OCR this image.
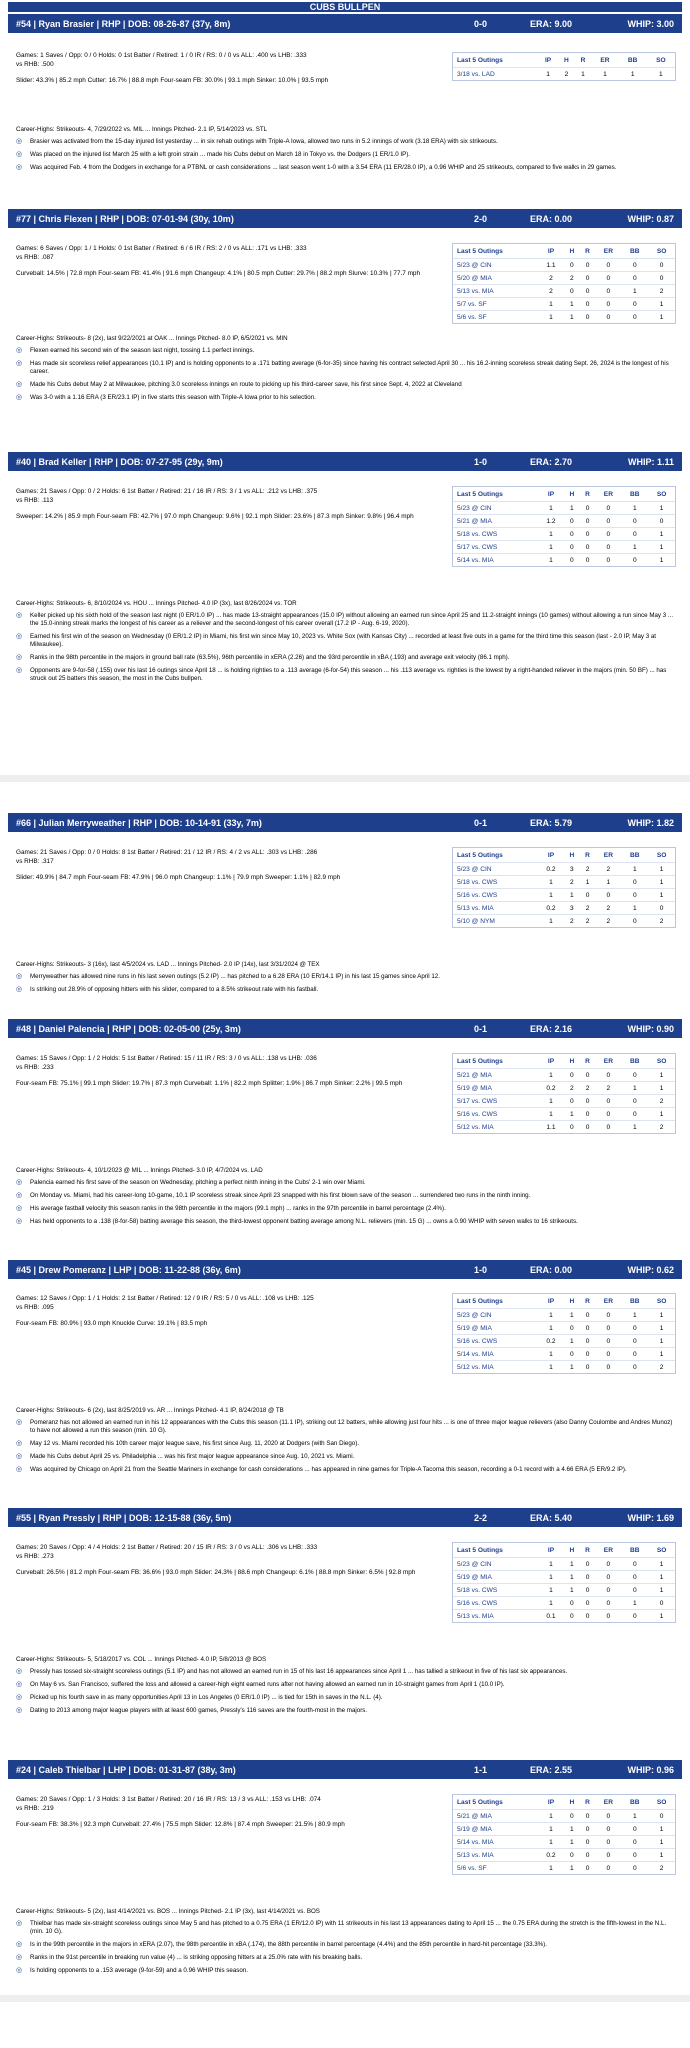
CUBS BULLPEN
#54 | Ryan Brasier | RHP | DOB: 08-26-87 (37y, 8m)	0-0	ERA: 9.00	WHIP: 3.00
Games: 1 Saves / Opp: 0 / 0 Holds: 0 1st Batter / Retired: 1 / 0 IR / RS: 0 / 0 vs ALL: .400 vs LHB: .333
vs RHB: .500
Slider: 43.3% | 85.2 mph Cutter: 16.7% | 88.8 mph Four-seam FB: 30.0% | 93.1 mph Sinker: 10.0% | 93.5 mph
Last 5 Outings	IP	H	R	ER	BB	SO
3/18 vs. LAD	1	2	1	1	1	1
Career-Highs: Strikeouts- 4, 7/29/2022 vs. MIL ... Innings Pitched- 2.1 IP, 5/14/2023 vs. STL
◎	Brasier was activated from the 15-day injured list yesterday ... in six rehab outings with Triple-A Iowa, allowed two runs in 5.2 innings of work (3.18 ERA) with six strikeouts.
◎	Was placed on the injured list March 25 with a left groin strain ... made his Cubs debut on March 18 in Tokyo vs. the Dodgers (1 ER/1.0 IP).
◎	Was acquired Feb. 4 from the Dodgers in exchange for a PTBNL or cash considerations ... last season went 1-0 with a 3.54 ERA (11 ER/28.0 IP), a 0.96 WHIP and 25 strikeouts, compared to five walks in 29 games.
#77 | Chris Flexen | RHP | DOB: 07-01-94 (30y, 10m)	2-0	ERA: 0.00	WHIP: 0.87
Games: 6 Saves / Opp: 1 / 1 Holds: 0 1st Batter / Retired: 6 / 6 IR / RS: 2 / 0 vs ALL: .171 vs LHB: .333
vs RHB: .087
Curveball: 14.5% | 72.8 mph Four-seam FB: 41.4% | 91.6 mph Changeup: 4.1% | 80.5 mph Cutter: 29.7% | 88.2 mph Slurve: 10.3% | 77.7 mph
Last 5 Outings	IP	H	R	ER	BB	SO
5/23 @ CIN	1.1	0	0	0	0	0
5/20 @ MIA	2	2	0	0	0	0
5/13 vs. MIA	2	0	0	0	1	2
5/7 vs. SF	1	1	0	0	0	1
5/6 vs. SF	1	1	0	0	0	1
Career-Highs: Strikeouts- 8 (2x), last 9/22/2021 at OAK ... Innings Pitched- 8.0 IP, 6/5/2021 vs. MIN
◎	Flexen earned his second win of the season last night, tossing 1.1 perfect innings.
◎	Has made six scoreless relief appearances (10.1 IP) and is holding opponents to a .171 batting average (6-for-35) since having his contract selected April 30 ... his 16.2-inning scoreless streak dating Sept. 26, 2024 is the longest of his career.
◎	Made his Cubs debut May 2 at Milwaukee, pitching 3.0 scoreless innings en route to picking up his third-career save, his first since Sept. 4, 2022 at Cleveland
◎	Was 3-0 with a 1.16 ERA (3 ER/23.1 IP) in five starts this season with Triple-A Iowa prior to his selection.
#40 | Brad Keller | RHP | DOB: 07-27-95 (29y, 9m)	1-0	ERA: 2.70	WHIP: 1.11
Games: 21 Saves / Opp: 0 / 2 Holds: 6 1st Batter / Retired: 21 / 16 IR / RS: 3 / 1 vs ALL: .212 vs LHB: .375
vs RHB: .113
Sweeper: 14.2% | 85.9 mph Four-seam FB: 42.7% | 97.0 mph Changeup: 9.6% | 92.1 mph Slider: 23.6% | 87.3 mph Sinker: 9.8% | 96.4 mph
Last 5 Outings	IP	H	R	ER	BB	SO
5/23 @ CIN	1	1	0	0	1	1
5/21 @ MIA	1.2	0	0	0	0	0
5/18 vs. CWS	1	0	0	0	0	1
5/17 vs. CWS	1	0	0	0	1	1
5/14 vs. MIA	1	0	0	0	0	1
Career-Highs: Strikeouts- 6, 8/10/2024 vs. HOU ... Innings Pitched- 4.0 IP (3x), last 8/26/2024 vs. TOR
◎	Keller picked up his sixth hold of the season last night (0 ER/1.0 IP) ... has made 13-straight appearances (15.0 IP) without allowing an earned run since April 25 and 11.2-straight innings (10 games) without allowing a run since May 3 ... the 15.0-inning streak marks the longest of his career as a reliever and the second-longest of his career overall (17.2 IP - Aug. 6-19, 2020).
◎	Earned his first win of the season on Wednesday (0 ER/1.2 IP) in Miami, his first win since May 10, 2023 vs. White Sox (with Kansas City) ... recorded at least five outs in a game for the third time this season (last - 2.0 IP, May 3 at Milwaukee).
◎	Ranks in the 98th percentile in the majors in ground ball rate (63.5%), 96th percentile in xERA (2.26) and the 93rd percentile in xBA (.193) and average exit velocity (86.1 mph).
◎	Opponents are 9-for-58 (.155) over his last 16 outings since April 18 ... is holding righties to a .113 average (6-for-54) this season ... his .113 average vs. righties is the lowest by a right-handed reliever in the majors (min. 50 BF) ... has struck out 25 batters this season, the most in the Cubs bullpen.
#66 | Julian Merryweather | RHP | DOB: 10-14-91 (33y, 7m)	0-1	ERA: 5.79	WHIP: 1.82
Games: 21 Saves / Opp: 0 / 0 Holds: 8 1st Batter / Retired: 21 / 12 IR / RS: 4 / 2 vs ALL: .303 vs LHB: .286
vs RHB: .317
Slider: 49.9% | 84.7 mph Four-seam FB: 47.9% | 96.0 mph Changeup: 1.1% | 79.9 mph Sweeper: 1.1% | 82.9 mph
Last 5 Outings	IP	H	R	ER	BB	SO
5/23 @ CIN	0.2	3	2	2	1	1
5/18 vs. CWS	1	2	1	1	0	1
5/16 vs. CWS	1	1	0	0	0	1
5/13 vs. MIA	0.2	3	2	2	1	0
5/10 @ NYM	1	2	2	2	0	2
Career-Highs: Strikeouts- 3 (16x), last 4/5/2024 vs. LAD ... Innings Pitched- 2.0 IP (14x), last 3/31/2024 @ TEX
◎	Merryweather has allowed nine runs in his last seven outings (5.2 IP) ... has pitched to a 6.28 ERA (10 ER/14.1 IP) in his last 15 games since April 12.
◎	Is striking out 28.9% of opposing hitters with his slider, compared to a 8.5% strikeout rate with his fastball.
#48 | Daniel Palencia | RHP | DOB: 02-05-00 (25y, 3m)	0-1	ERA: 2.16	WHIP: 0.90
Games: 15 Saves / Opp: 1 / 2 Holds: 5 1st Batter / Retired: 15 / 11 IR / RS: 3 / 0 vs ALL: .138 vs LHB: .036
vs RHB: .233
Four-seam FB: 75.1% | 99.1 mph Slider: 19.7% | 87.3 mph Curveball: 1.1% | 82.2 mph Splitter: 1.9% | 86.7 mph Sinker: 2.2% | 99.5 mph
Last 5 Outings	IP	H	R	ER	BB	SO
5/21 @ MIA	1	0	0	0	0	1
5/19 @ MIA	0.2	2	2	2	1	1
5/17 vs. CWS	1	0	0	0	0	2
5/16 vs. CWS	1	1	0	0	0	1
5/12 vs. MIA	1.1	0	0	0	1	2
Career-Highs: Strikeouts- 4, 10/1/2023 @ MIL ... Innings Pitched- 3.0 IP, 4/7/2024 vs. LAD
◎	Palencia earned his first save of the season on Wednesday, pitching a perfect ninth inning in the Cubs' 2-1 win over Miami.
◎	On Monday vs. Miami, had his career-long 10-game, 10.1 IP scoreless streak since April 23 snapped with his first blown save of the season ... surrendered two runs in the ninth inning.
◎	His average fastball velocity this season ranks in the 98th percentile in the majors (99.1 mph) ... ranks in the 97th percentile in barrel percentage (2.4%).
◎	Has held opponents to a .138 (8-for-58) batting average this season, the third-lowest opponent batting average among N.L. relievers (min. 15 G) ... owns a 0.90 WHIP with seven walks to 16 strikeouts.
#45 | Drew Pomeranz | LHP | DOB: 11-22-88 (36y, 6m)	1-0	ERA: 0.00	WHIP: 0.62
Games: 12 Saves / Opp: 1 / 1 Holds: 2 1st Batter / Retired: 12 / 9 IR / RS: 5 / 0 vs ALL: .108 vs LHB: .125
vs RHB: .095
Four-seam FB: 80.9% | 93.0 mph Knuckle Curve: 19.1% | 83.5 mph
Last 5 Outings	IP	H	R	ER	BB	SO
5/23 @ CIN	1	1	0	0	1	1
5/19 @ MIA	1	0	0	0	0	1
5/16 vs. CWS	0.2	1	0	0	0	1
5/14 vs. MIA	1	0	0	0	0	1
5/12 vs. MIA	1	1	0	0	0	2
Career-Highs: Strikeouts- 6 (2x), last 8/25/2019 vs. AR ... Innings Pitched- 4.1 IP, 8/24/2018 @ TB
◎	Pomeranz has not allowed an earned run in his 12 appearances with the Cubs this season (11.1 IP), striking out 12 batters, while allowing just four hits ... is one of three major league relievers (also Danny Coulombe and Andres Munoz) to have not allowed a run this season (min. 10 G).
◎	May 12 vs. Miami recorded his 10th career major league save, his first since Aug. 11, 2020 at Dodgers (with San Diego).
◎	Made his Cubs debut April 25 vs. Philadelphia ... was his first major league appearance since Aug. 10, 2021 vs. Miami.
◎	Was acquired by Chicago on April 21 from the Seattle Mariners in exchange for cash considerations ... has appeared in nine games for Triple-A Tacoma this season, recording a 0-1 record with a 4.66 ERA (5 ER/9.2 IP).
#55 | Ryan Pressly | RHP | DOB: 12-15-88 (36y, 5m)	2-2	ERA: 5.40	WHIP: 1.69
Games: 20 Saves / Opp: 4 / 4 Holds: 2 1st Batter / Retired: 20 / 15 IR / RS: 3 / 0 vs ALL: .306 vs LHB: .333
vs RHB: .273
Curveball: 26.5% | 81.2 mph Four-seam FB: 36.6% | 93.0 mph Slider: 24.3% | 88.6 mph Changeup: 6.1% | 88.8 mph Sinker: 6.5% | 92.8 mph
Last 5 Outings	IP	H	R	ER	BB	SO
5/23 @ CIN	1	1	0	0	0	1
5/19 @ MIA	1	1	0	0	0	1
5/18 vs. CWS	1	1	0	0	0	1
5/16 vs. CWS	1	0	0	0	1	0
5/13 vs. MIA	0.1	0	0	0	0	1
Career-Highs: Strikeouts- 5, 5/18/2017 vs. COL ... Innings Pitched- 4.0 IP, 5/8/2013 @ BOS
◎	Pressly has tossed six-straight scoreless outings (5.1 IP) and has not allowed an earned run in 15 of his last 16 appearances since April 1 ... has tallied a strikeout in five of his last six appearances.
◎	On May 6 vs. San Francisco, suffered the loss and allowed a career-high eight earned runs after not having allowed an earned run in 10-straight games from April 1 (10.0 IP).
◎	Picked up his fourth save in as many opportunities April 13 in Los Angeles (0 ER/1.0 IP) ... is tied for 15th in saves in the N.L. (4).
◎	Dating to 2013 among major league players with at least 600 games, Pressly's 116 saves are the fourth-most in the majors.
#24 | Caleb Thielbar | LHP | DOB: 01-31-87 (38y, 3m)	1-1	ERA: 2.55	WHIP: 0.96
Games: 20 Saves / Opp: 1 / 3 Holds: 3 1st Batter / Retired: 20 / 16 IR / RS: 13 / 3 vs ALL: .153 vs LHB: .074
vs RHB: .219
Four-seam FB: 38.3% | 92.3 mph Curveball: 27.4% | 75.5 mph Slider: 12.8% | 87.4 mph Sweeper: 21.5% | 80.9 mph
Last 5 Outings	IP	H	R	ER	BB	SO
5/21 @ MIA	1	0	0	0	1	0
5/19 @ MIA	1	1	0	0	0	1
5/14 vs. MIA	1	1	0	0	0	1
5/13 vs. MIA	0.2	0	0	0	0	1
5/6 vs. SF	1	1	0	0	0	2
Career-Highs: Strikeouts- 5 (2x), last 4/14/2021 vs. BOS ... Innings Pitched- 2.1 IP (3x), last 4/14/2021 vs. BOS
◎	Thielbar has made six-straight scoreless outings since May 5 and has pitched to a 0.75 ERA (1 ER/12.0 IP) with 11 strikeouts in his last 13 appearances dating to April 15 ... the 0.75 ERA during the stretch is the fifth-lowest in the N.L. (min. 10 G).
◎	Is in the 99th percentile in the majors in xERA (2.07), the 98th percentile in xBA (.174), the 88th percentile in barrel percentage (4.4%) and the 85th percentile in hard-hit percentage (33.3%).
◎	Ranks in the 91st percentile in breaking run value (4) ... is striking opposing hitters at a 25.0% rate with his breaking balls.
◎	Is holding opponents to a .153 average (9-for-59) and a 0.96 WHIP this season.
